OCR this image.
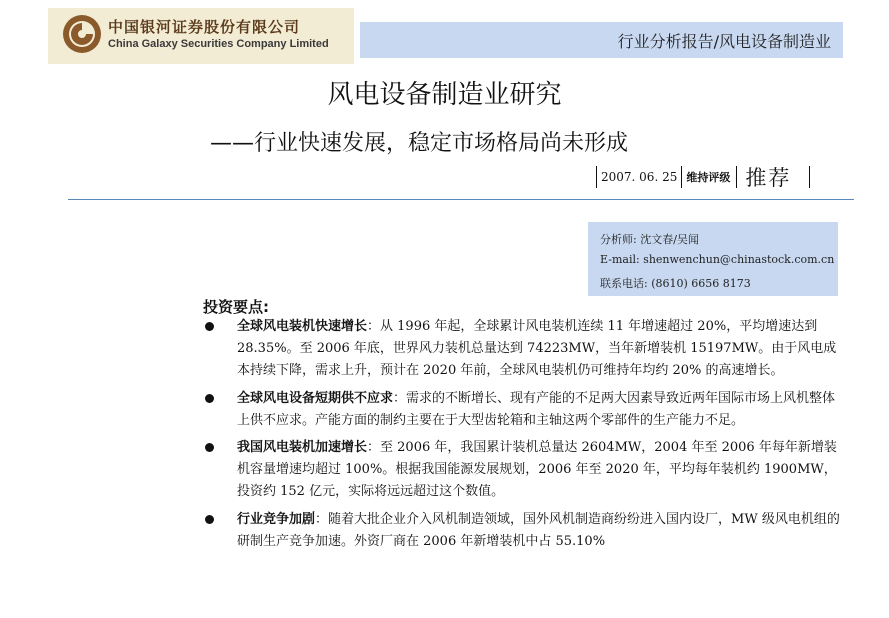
中国银河证券股份有限公司
China Galaxy Securities Company Limited	行业分析报告/风电设备制造业
风电设备制造业研究
——行业快速发展，稳定市场格局尚未形成
2007. 06. 25 维持评级 推荐
分析师: 沈文春/吴闻
E-mail: shenwenchun@chinastock.com.cn
联系电话: (8610) 6656 8173
投资要点:
全球风电装机快速增长：从 1996 年起，全球累计风电装机连续 11 年增速超过 20%，平均增速达到 28.35%。至 2006 年底，世界风力装机总量达到 74223MW，当年新增装机 15197MW。由于风电成本持续下降，需求上升，预计在 2020 年前，全球风电装机仍可维持年均约 20% 的高速增长。
全球风电设备短期供不应求：需求的不断增长、现有产能的不足两大因素导致近两年国际市场上风机整体上供不应求。产能方面的制约主要在于大型齿轮箱和主轴这两个零部件的生产能力不足。
我国风电装机加速增长：至 2006 年，我国累计装机总量达 2604MW，2004 年至 2006 年每年新增装机容量增速均超过 100%。根据我国能源发展规划，2006 年至 2020 年，平均每年装机约 1900MW，投资约 152 亿元，实际将远远超过这个数值。
行业竞争加剧：随着大批企业介入风机制造领域，国外风机制造商纷纷进入国内设厂，MW 级风电机组的研制生产竞争加速。外资厂商在 2006 年新增装机中占 55.10%
